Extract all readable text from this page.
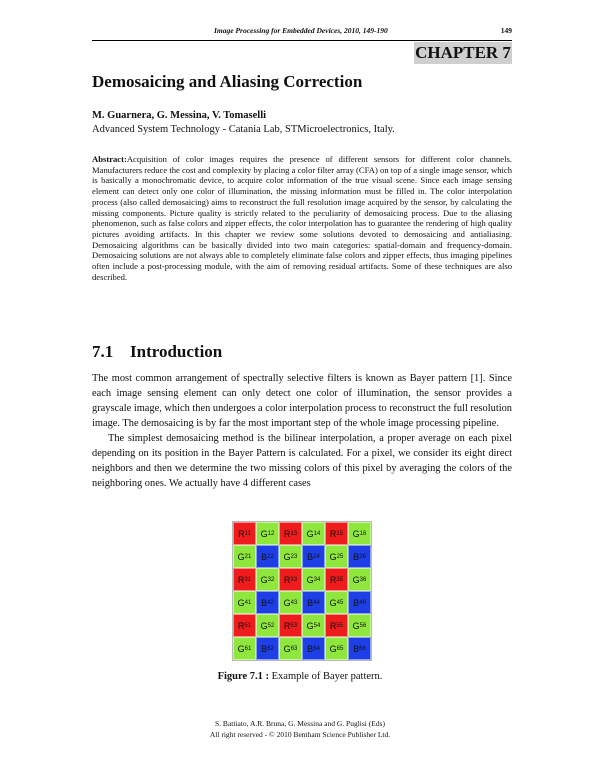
Image Processing for Embedded Devices, 2010, 149-190	149
CHAPTER 7
Demosaicing and Aliasing Correction
M. Guarnera, G. Messina, V. Tomaselli
Advanced System Technology - Catania Lab, STMicroelectronics, Italy.
Abstract:Acquisition of color images requires the presence of different sensors for different color channels. Manufacturers reduce the cost and complexity by placing a color filter array (CFA) on top of a single image sensor, which is basically a monochromatic device, to acquire color information of the true visual scene. Since each image sensing element can detect only one color of illumination, the missing information must be filled in. The color interpolation process (also called demosaicing) aims to reconstruct the full resolution image acquired by the sensor, by calculating the missing components. Picture quality is strictly related to the peculiarity of demosaicing process. Due to the aliasing phenomenon, such as false colors and zipper effects, the color interpolation has to guarantee the rendering of high quality pictures avoiding artifacts. In this chapter we review some solutions devoted to demosaicing and antialiasing. Demosaicing algorithms can be basically divided into two main categories: spatial-domain and frequency-domain. Demosaicing solutions are not always able to completely eliminate false colors and zipper effects, thus imaging pipelines often include a post-processing module, with the aim of removing residual artifacts. Some of these techniques are also described.
7.1 Introduction

The most common arrangement of spectrally selective filters is known as Bayer pattern [1]. Since each image sensing element can only detect one color of illumination, the sensor provides a grayscale image, which then undergoes a color interpolation process to reconstruct the full resolution image. The demosaicing is by far the most important step of the whole image processing pipeline.

The simplest demosaicing method is the bilinear interpolation, a proper average on each pixel depending on its position in the Bayer Pattern is calculated. For a pixel, we consider its eight direct neighbors and then we determine the two missing colors of this pixel by averaging the colors of the neighboring ones. We actually have 4 different cases

R 11 G 12 R 13 G 14 R 15 G 16
G 21 B 22 G 23 B 24 G 25 B 26
R 31 G 32 R 33 G 34 R 35 G 36
G 41 B 42 G 43 B 44 G 45 B 46
R 51 G 52 R 53 G 54 R 55 G 56
G 61 B 62 G 63 B 64 G 65 B 66
Figure 7.1 : Example of Bayer pattern.
S. Battiato, A.R. Bruna, G. Messina and G. Puglisi (Eds)
All right reserved - © 2010 Bentham Science Publisher Ltd.
